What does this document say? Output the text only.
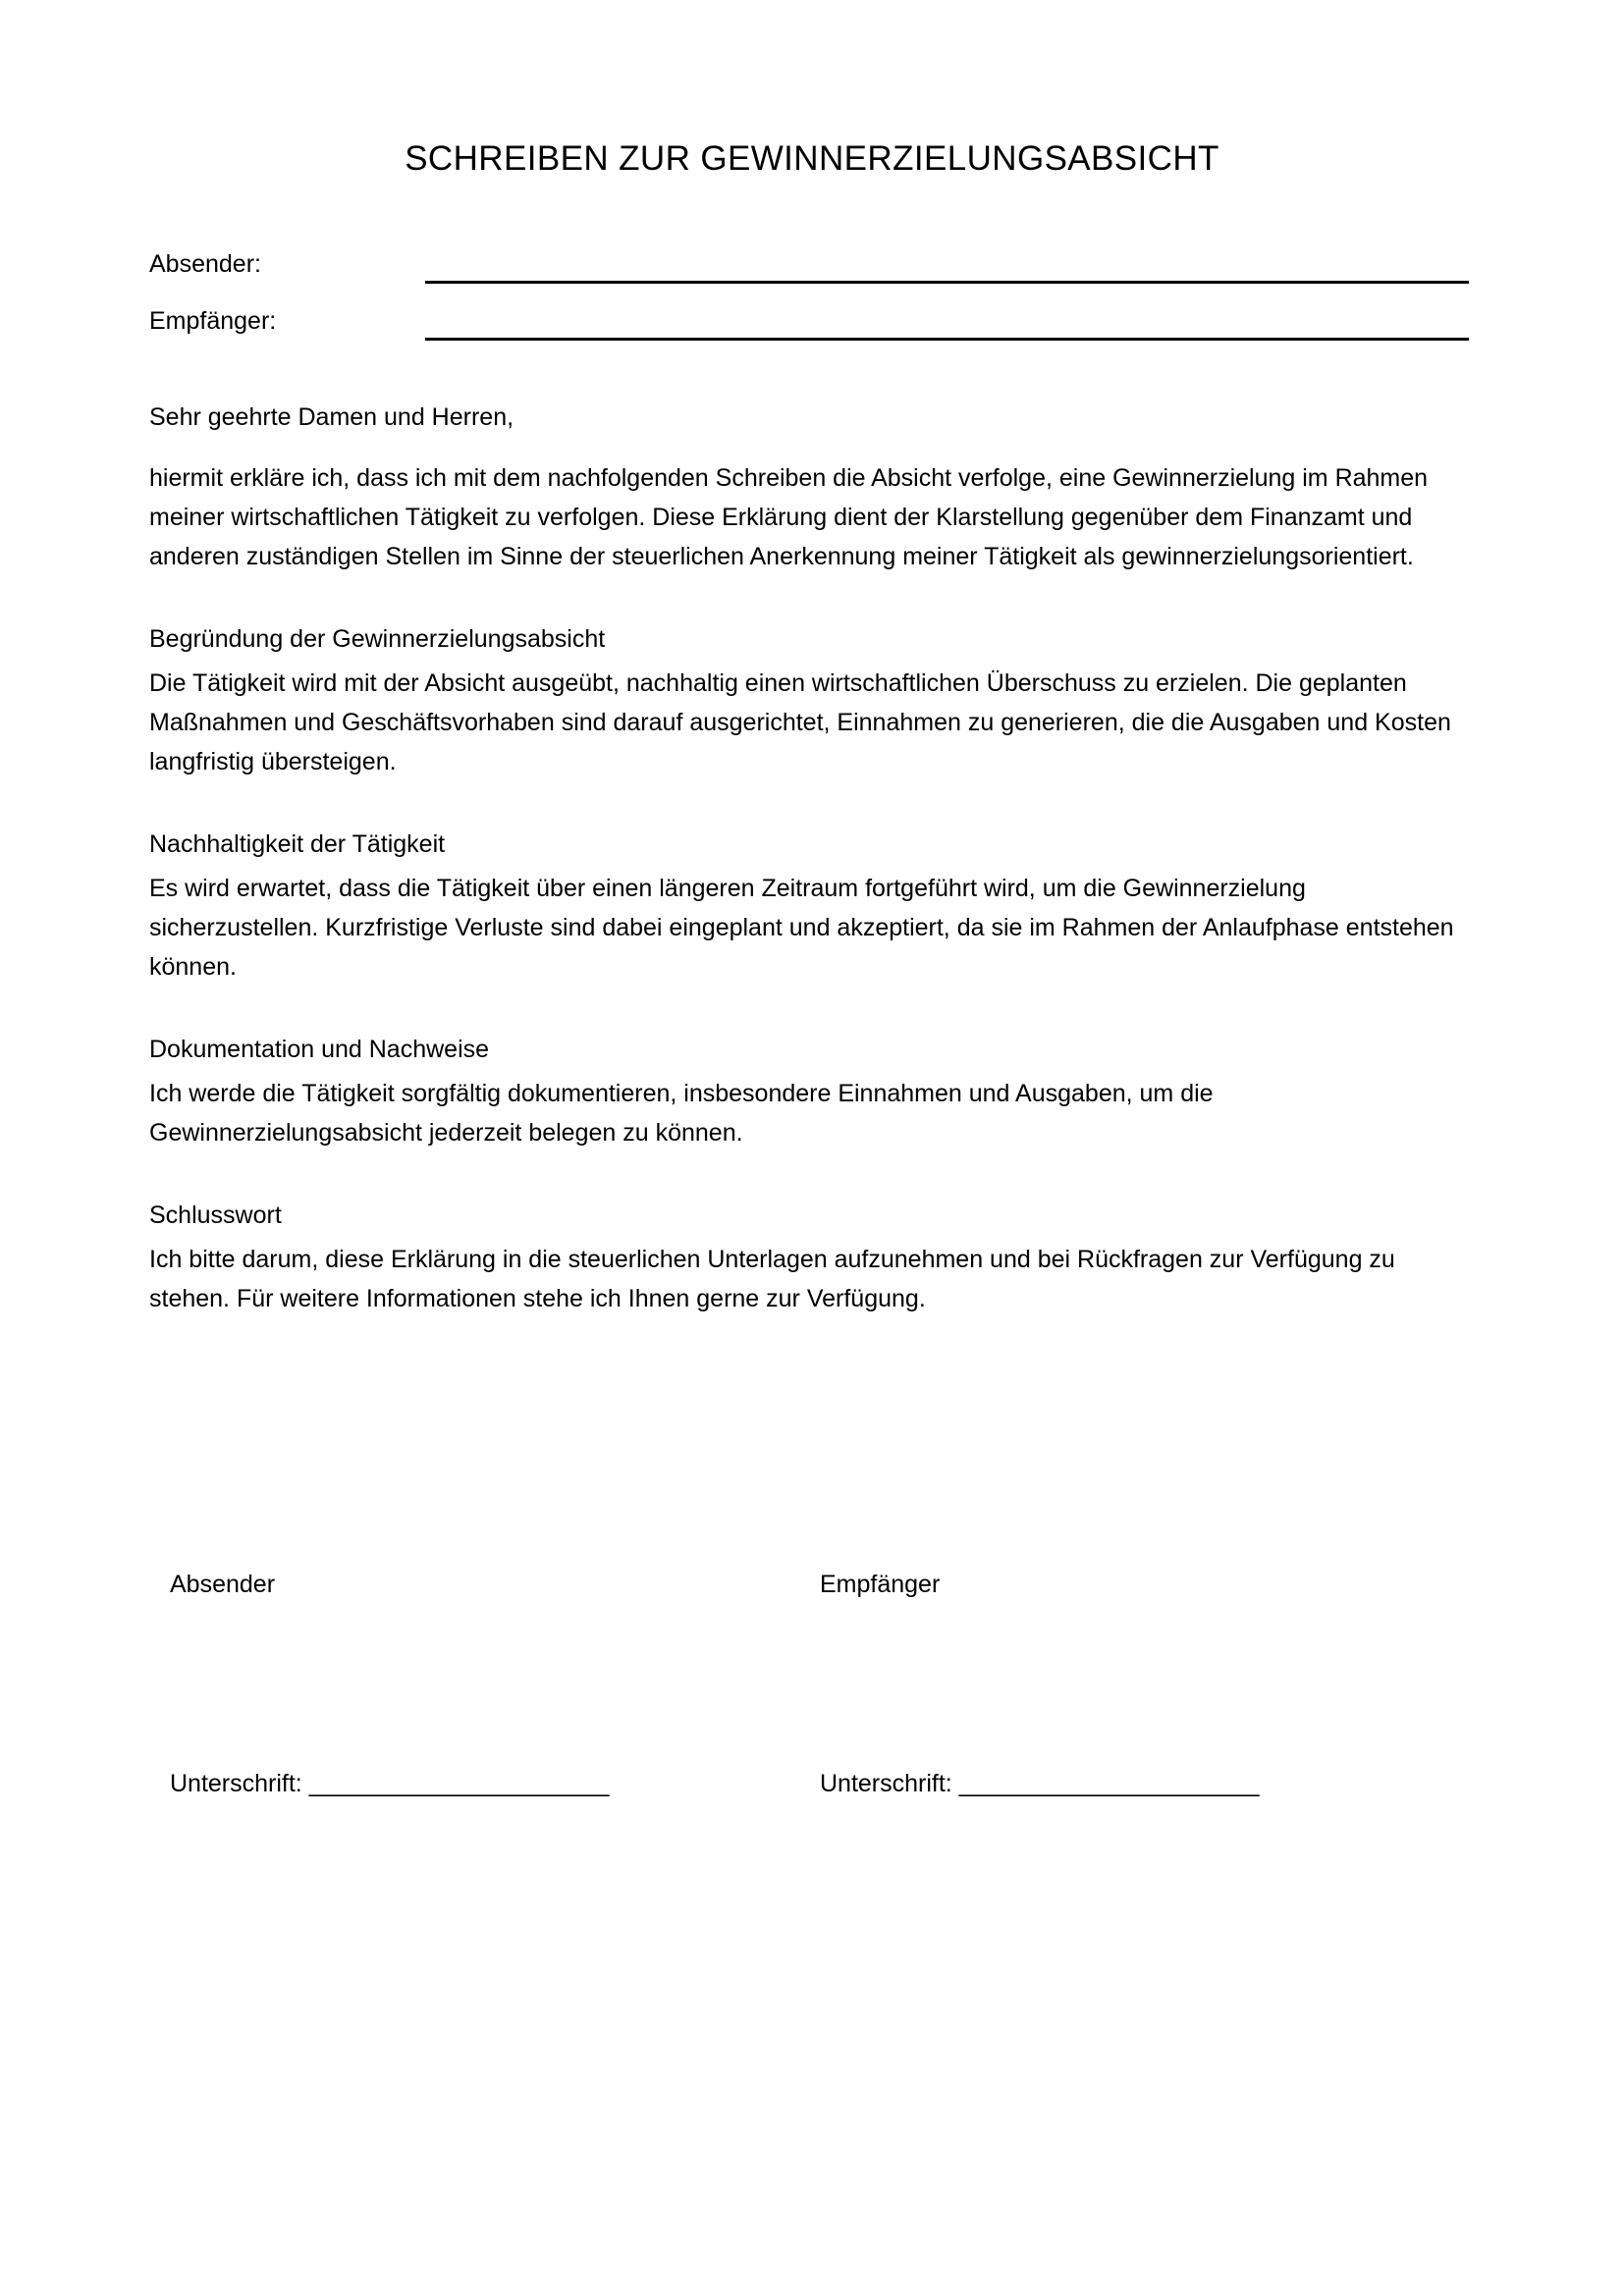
SCHREIBEN ZUR GEWINNERZIELUNGSABSICHT
Absender:
Empfänger:

Sehr geehrte Damen und Herren,

hiermit erkläre ich, dass ich mit dem nachfolgenden Schreiben die Absicht verfolge, eine Gewinnerzielung im Rahmen meiner wirtschaftlichen Tätigkeit zu verfolgen. Diese Erklärung dient der Klarstellung gegenüber dem Finanzamt und anderen zuständigen Stellen im Sinne der steuerlichen Anerkennung meiner Tätigkeit als gewinnerzielungsorientiert.

Begründung der Gewinnerzielungsabsicht

Die Tätigkeit wird mit der Absicht ausgeübt, nachhaltig einen wirtschaftlichen Überschuss zu erzielen. Die geplanten Maßnahmen und Geschäftsvorhaben sind darauf ausgerichtet, Einnahmen zu generieren, die die Ausgaben und Kosten langfristig übersteigen.

Nachhaltigkeit der Tätigkeit

Es wird erwartet, dass die Tätigkeit über einen längeren Zeitraum fortgeführt wird, um die Gewinnerzielung sicherzustellen. Kurzfristige Verluste sind dabei eingeplant und akzeptiert, da sie im Rahmen der Anlaufphase entstehen können.

Dokumentation und Nachweise

Ich werde die Tätigkeit sorgfältig dokumentieren, insbesondere Einnahmen und Ausgaben, um die Gewinnerzielungsabsicht jederzeit belegen zu können.

Schlusswort

Ich bitte darum, diese Erklärung in die steuerlichen Unterlagen aufzunehmen und bei Rückfragen zur Verfügung zu stehen. Für weitere Informationen stehe ich Ihnen gerne zur Verfügung.

Absender

Unterschrift: ______________________

Empfänger

Unterschrift: ______________________
